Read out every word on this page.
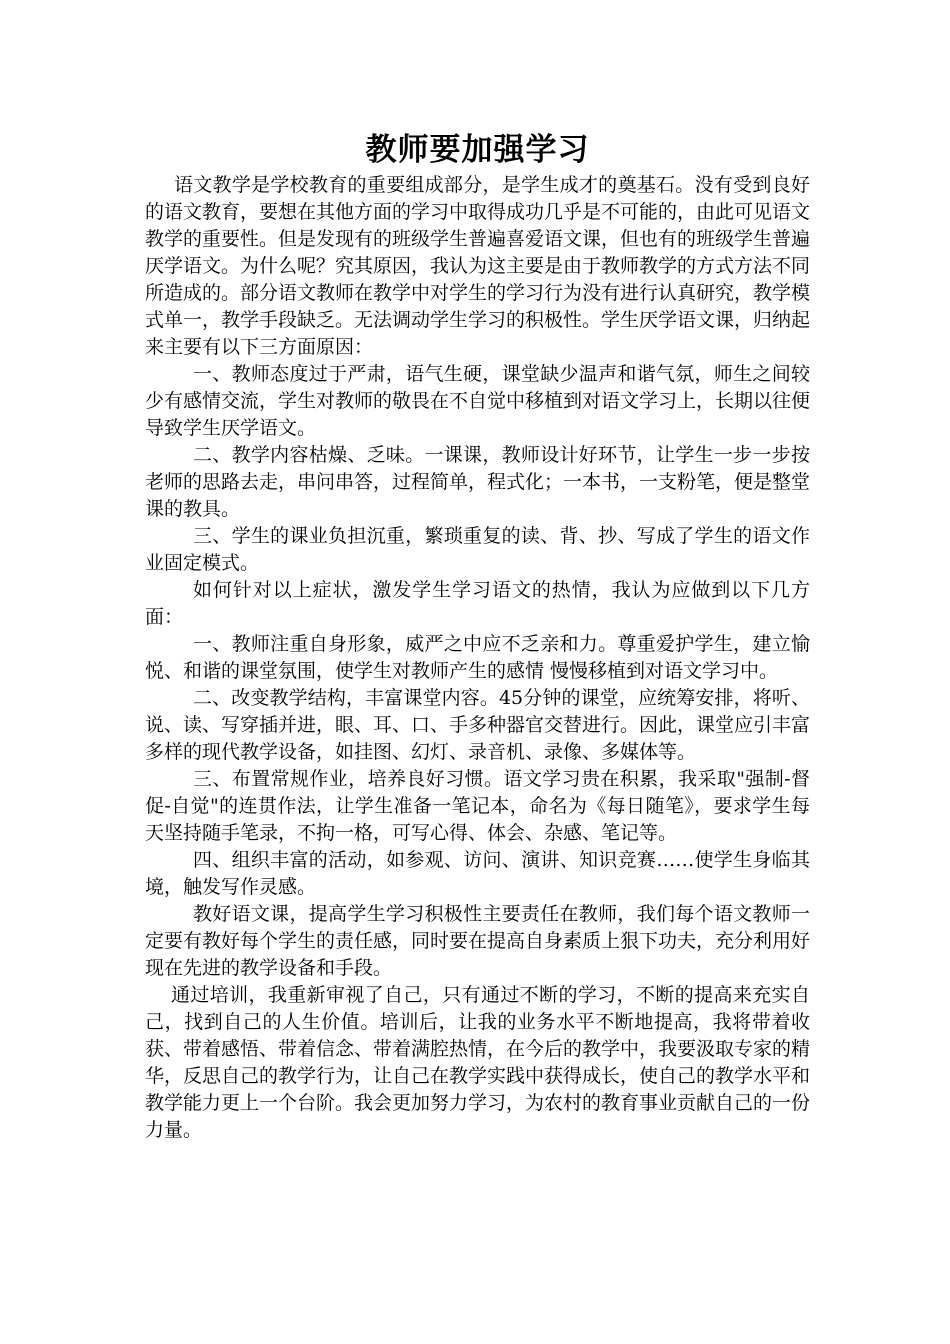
教师要加强学习

语文教学是学校教育的重要组成部分，是学生成才的奠基石。没有受到良好的语文教育，要想在其他方面的学习中取得成功几乎是不可能的，由此可见语文教学的重要性。但是发现有的班级学生普遍喜爱语文课，但也有的班级学生普遍厌学语文。为什么呢？究其原因，我认为这主要是由于教师教学的方式方法不同所造成的。部分语文教师在教学中对学生的学习行为没有进行认真研究，教学模式单一，教学手段缺乏。无法调动学生学习的积极性。学生厌学语文课，归纳起来主要有以下三方面原因：

一、教师态度过于严肃，语气生硬，课堂缺少温声和谐气氛，师生之间较少有感情交流，学生对教师的敬畏在不自觉中移植到对语文学习上，长期以往便导致学生厌学语文。

二、教学内容枯燥、乏味。一课课，教师设计好环节，让学生一步一步按老师的思路去走，串问串答，过程简单，程式化；一本书，一支粉笔，便是整堂课的教具。

三、学生的课业负担沉重，繁琐重复的读、背、抄、写成了学生的语文作业固定模式。

如何针对以上症状，激发学生学习语文的热情，我认为应做到以下几方面：

一、教师注重自身形象，威严之中应不乏亲和力。尊重爱护学生，建立愉悦、和谐的课堂氛围，使学生对教师产生的感情 慢慢移植到对语文学习中。

二、改变教学结构，丰富课堂内容。45分钟的课堂，应统筹安排，将听、说、读、写穿插并进，眼、耳、口、手多种器官交替进行。因此，课堂应引丰富多样的现代教学设备，如挂图、幻灯、录音机、录像、多媒体等。

三、布置常规作业，培养良好习惯。语文学习贵在积累，我采取"强制-督促-自觉"的连贯作法，让学生准备一笔记本，命名为《每日随笔》，要求学生每天坚持随手笔录，不拘一格，可写心得、体会、杂感、笔记等。

四、组织丰富的活动，如参观、访问、演讲、知识竞赛……使学生身临其境，触发写作灵感。

教好语文课，提高学生学习积极性主要责任在教师，我们每个语文教师一定要有教好每个学生的责任感，同时要在提高自身素质上狠下功夫，充分利用好现在先进的教学设备和手段。

通过培训，我重新审视了自己，只有通过不断的学习，不断的提高来充实自己，找到自己的人生价值。培训后，让我的业务水平不断地提高，我将带着收获、带着感悟、带着信念、带着满腔热情，在今后的教学中，我要汲取专家的精华，反思自己的教学行为，让自己在教学实践中获得成长，使自己的教学水平和教学能力更上一个台阶。我会更加努力学习，为农村的教育事业贡献自己的一份力量。
